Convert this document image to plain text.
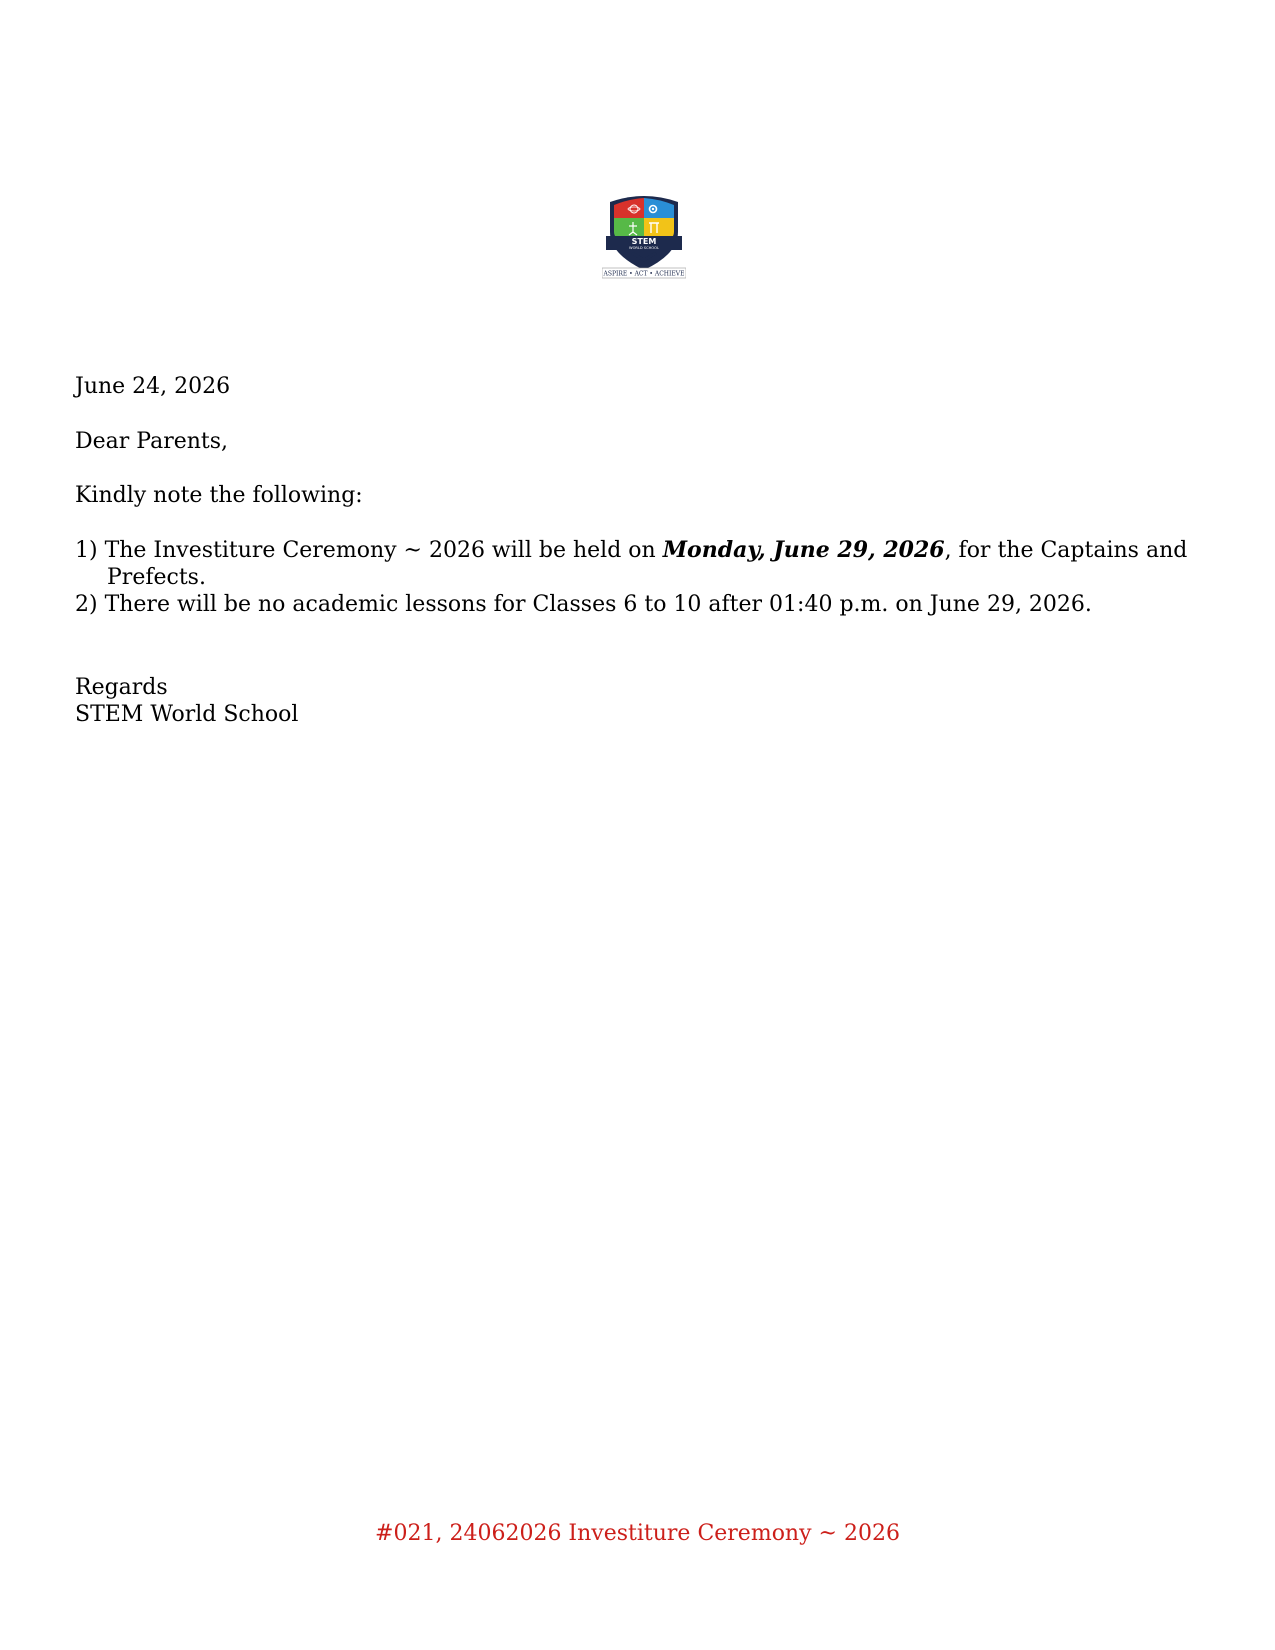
STEM
WORLD SCHOOL
ASPIRE • ACT • ACHIEVE
June 24, 2026
Dear Parents,
Kindly note the following:
1) The Investiture Ceremony ~ 2026 will be held on Monday, June 29, 2026, for the Captains and
Prefects.
2) There will be no academic lessons for Classes 6 to 10 after 01:40 p.m. on June 29, 2026.
Regards
STEM World School
#021, 24062026 Investiture Ceremony ~ 2026
